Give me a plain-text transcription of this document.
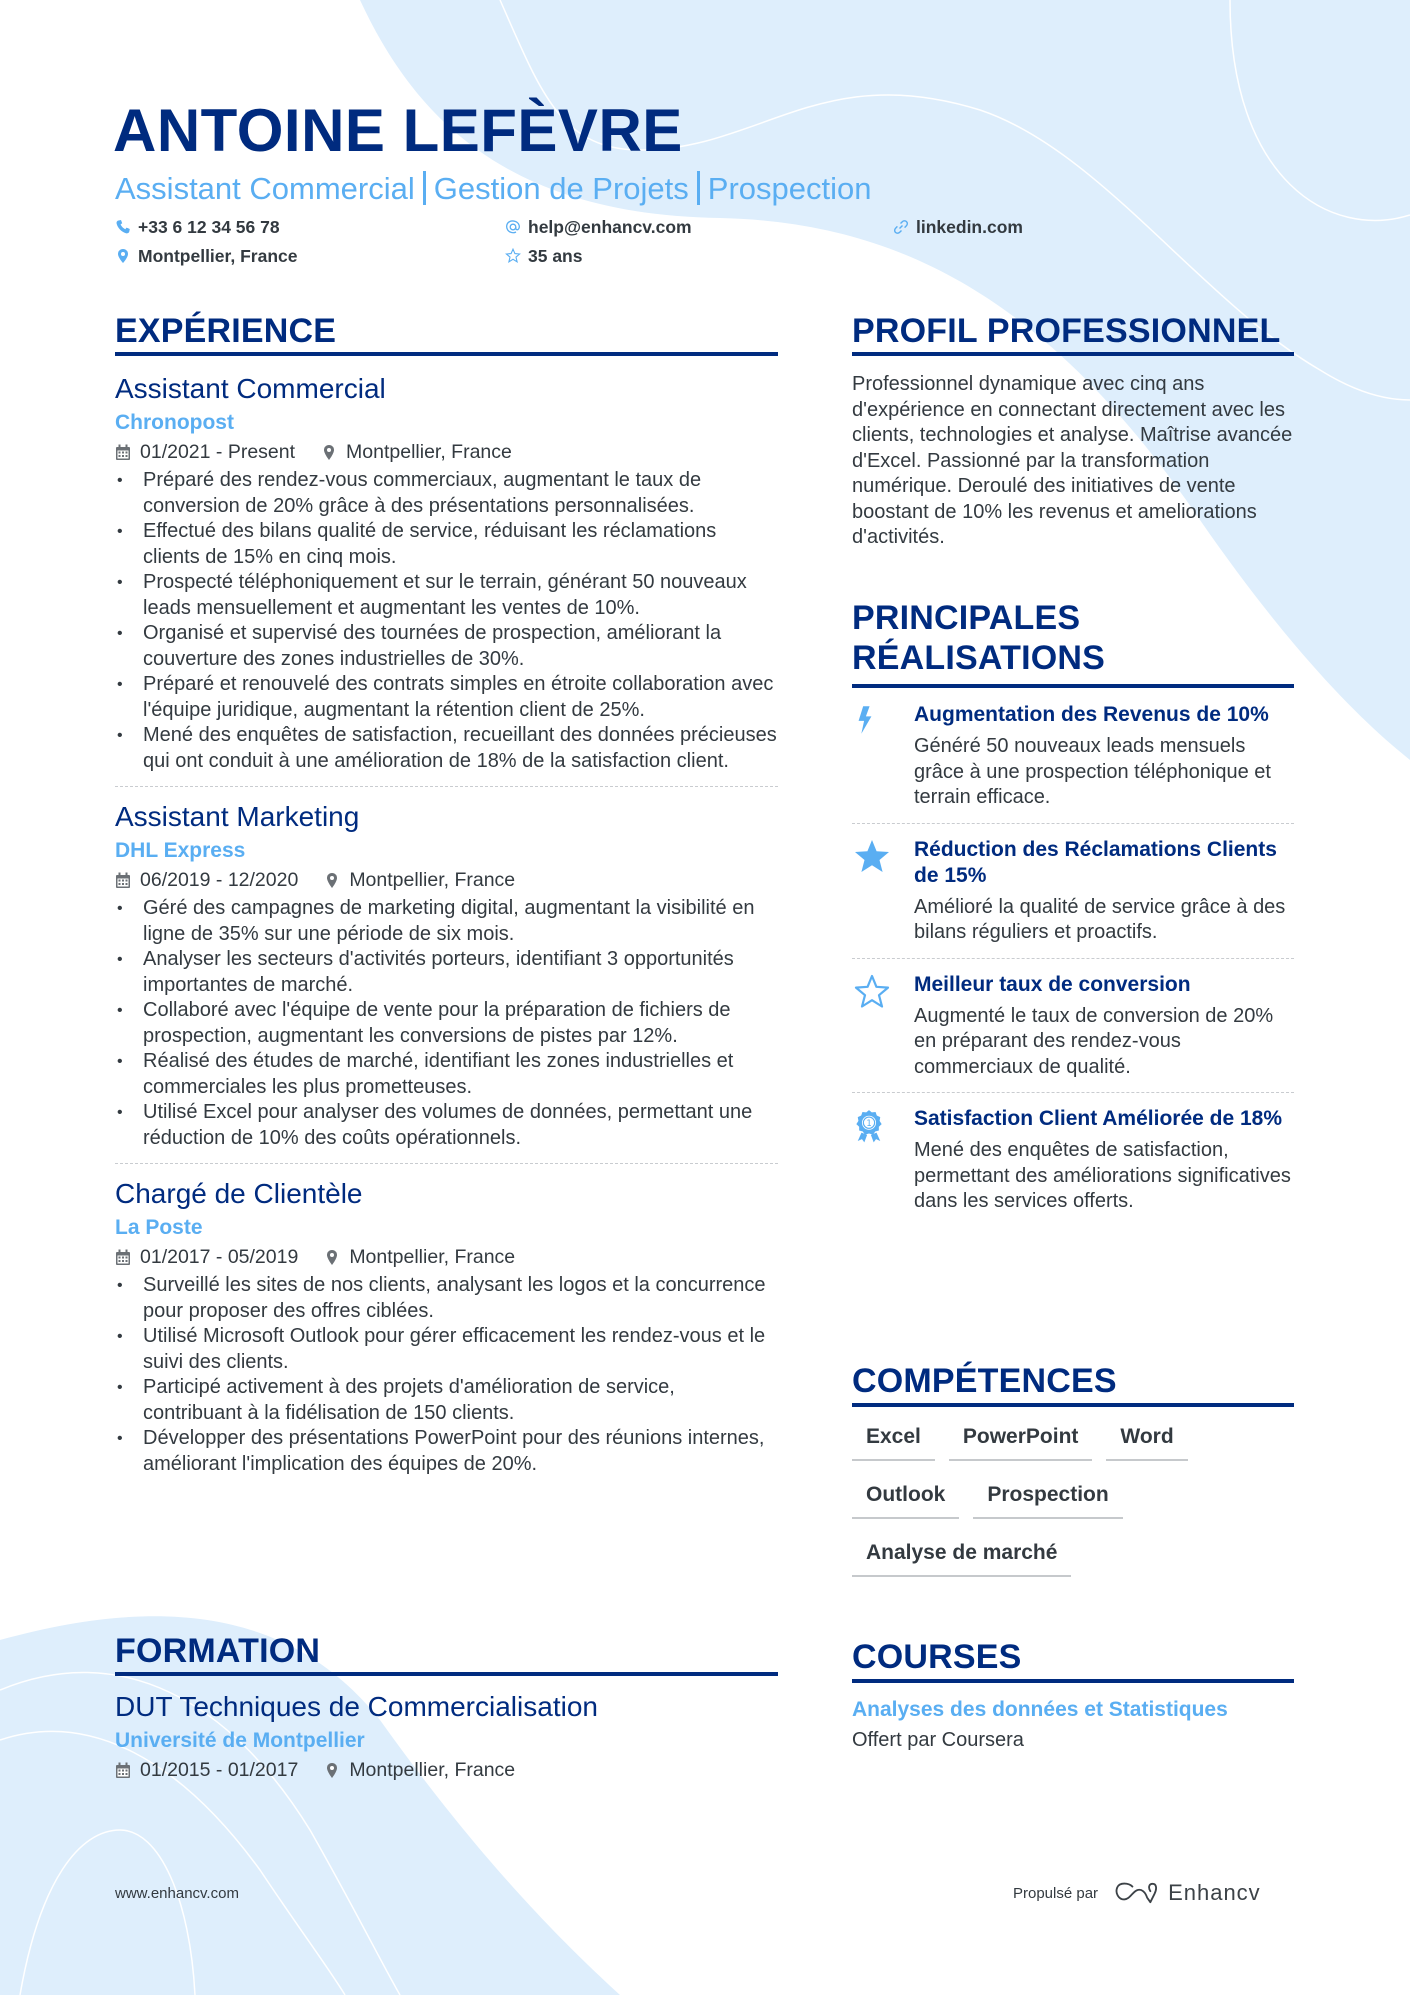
ANTOINE LEFÈVRE
Assistant Commercial Gestion de Projets Prospection
+33 6 12 34 56 78	help@enhancv.com	linkedin.com
Montpellier, France	35 ans
EXPÉRIENCE
Assistant Commercial
Chronopost
01/2021 - Present	Montpellier, France
• Préparé des rendez-vous commerciaux, augmentant le taux de conversion de 20% grâce à des présentations personnalisées.
• Effectué des bilans qualité de service, réduisant les réclamations clients de 15% en cinq mois.
• Prospecté téléphoniquement et sur le terrain, générant 50 nouveaux leads mensuellement et augmentant les ventes de 10%.
• Organisé et supervisé des tournées de prospection, améliorant la couverture des zones industrielles de 30%.
• Préparé et renouvelé des contrats simples en étroite collaboration avec l'équipe juridique, augmentant la rétention client de 25%.
• Mené des enquêtes de satisfaction, recueillant des données précieuses qui ont conduit à une amélioration de 18% de la satisfaction client.
Assistant Marketing
DHL Express
06/2019 - 12/2020	Montpellier, France
• Géré des campagnes de marketing digital, augmentant la visibilité en ligne de 35% sur une période de six mois.
• Analyser les secteurs d'activités porteurs, identifiant 3 opportunités importantes de marché.
• Collaboré avec l'équipe de vente pour la préparation de fichiers de prospection, augmentant les conversions de pistes par 12%.
• Réalisé des études de marché, identifiant les zones industrielles et commerciales les plus prometteuses.
• Utilisé Excel pour analyser des volumes de données, permettant une réduction de 10% des coûts opérationnels.
Chargé de Clientèle
La Poste
01/2017 - 05/2019	Montpellier, France
• Surveillé les sites de nos clients, analysant les logos et la concurrence pour proposer des offres ciblées.
• Utilisé Microsoft Outlook pour gérer efficacement les rendez-vous et le suivi des clients.
• Participé activement à des projets d'amélioration de service, contribuant à la fidélisation de 150 clients.
• Développer des présentations PowerPoint pour des réunions internes, améliorant l'implication des équipes de 20%.
FORMATION
DUT Techniques de Commercialisation
Université de Montpellier
01/2015 - 01/2017	Montpellier, France
PROFIL PROFESSIONNEL
Professionnel dynamique avec cinq ans d'expérience en connectant directement avec les clients, technologies et analyse. Maîtrise avancée d'Excel. Passionné par la transformation numérique. Deroulé des initiatives de vente boostant de 10% les revenus et ameliorations d'activités.
PRINCIPALES
RÉALISATIONS
Augmentation des Revenus de 10%
Généré 50 nouveaux leads mensuels grâce à une prospection téléphonique et terrain efficace.
Réduction des Réclamations Clients de 15%
Amélioré la qualité de service grâce à des bilans réguliers et proactifs.
Meilleur taux de conversion
Augmenté le taux de conversion de 20% en préparant des rendez-vous commerciaux de qualité.
1 Satisfaction Client Améliorée de 18%
Mené des enquêtes de satisfaction, permettant des améliorations significatives dans les services offerts.
COMPÉTENCES
Excel	PowerPoint	Word
Outlook	Prospection
Analyse de marché
COURSES
Analyses des données et Statistiques
Offert par Coursera
www.enhancv.com	Propulsé par	Enhancv
